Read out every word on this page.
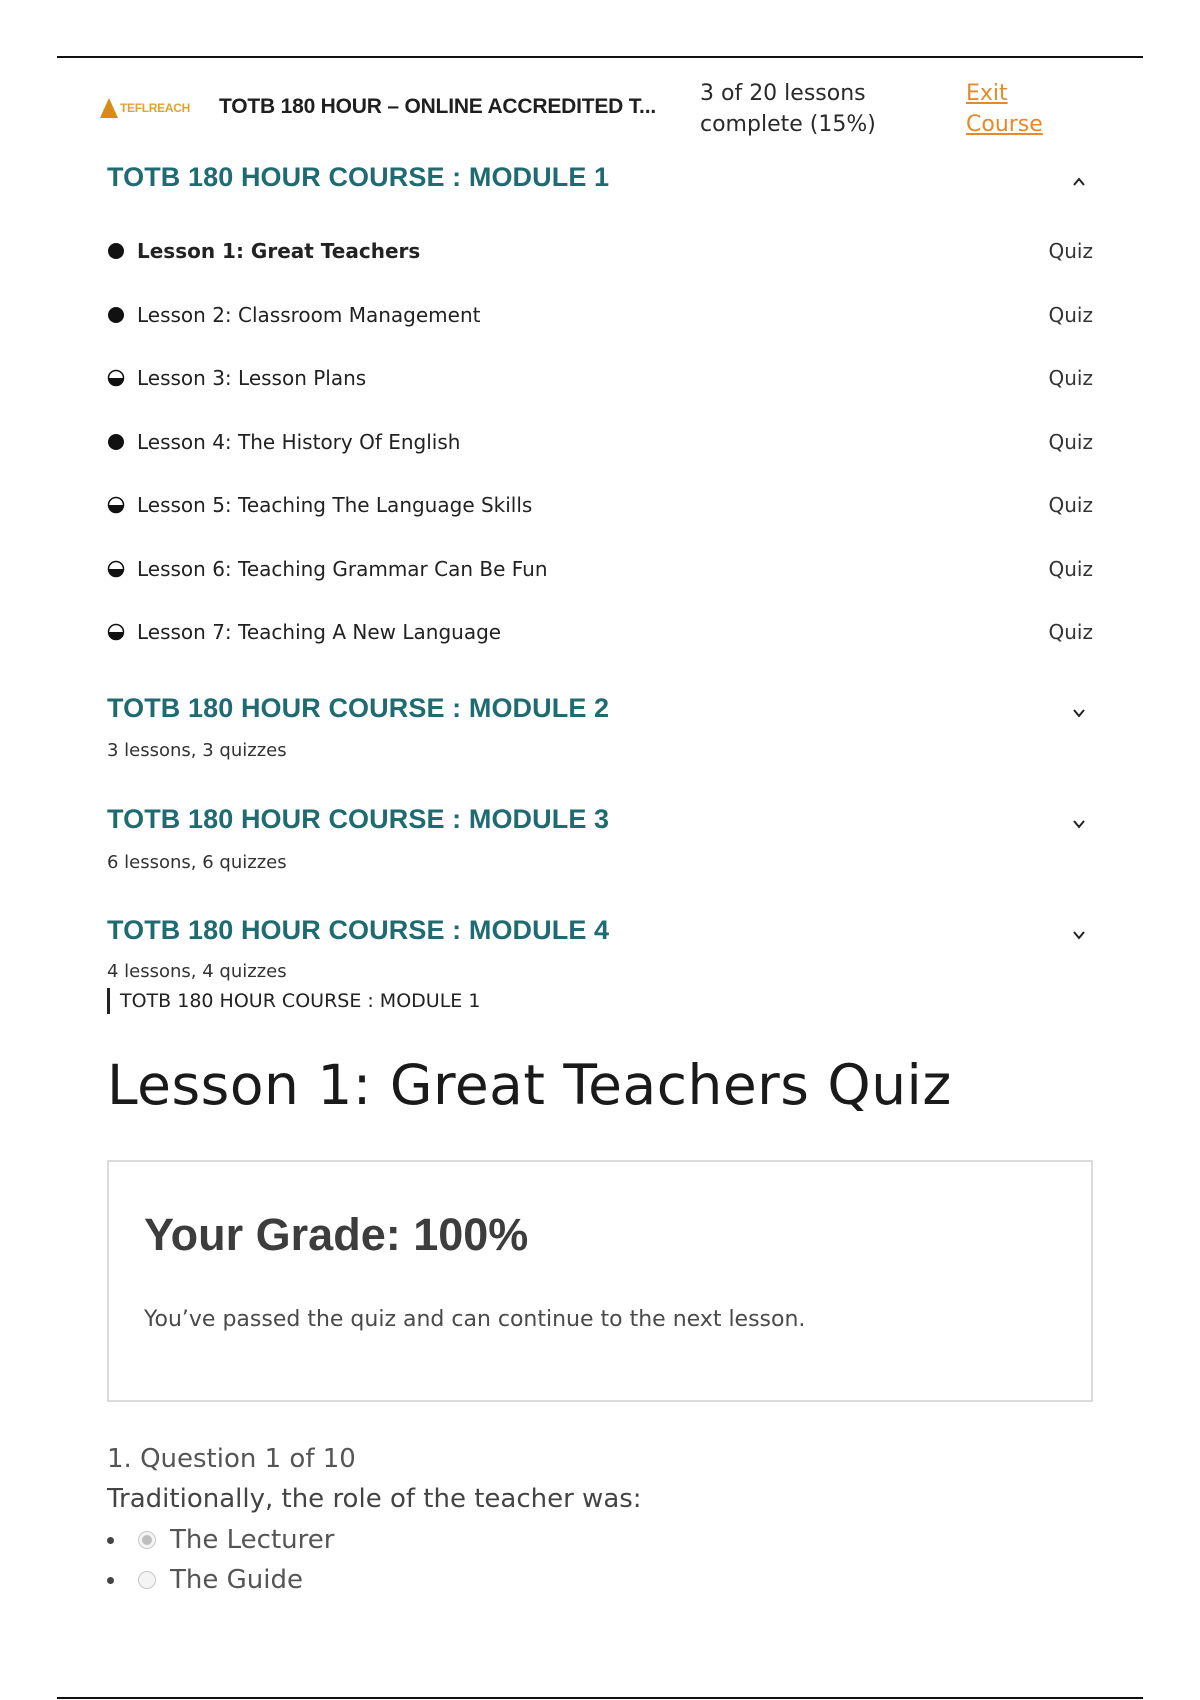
TEFLREACH TOTB 180 HOUR – ONLINE ACCREDITED T...
3 of 20 lessons
complete (15%)
Exit
Course
TOTB 180 HOUR COURSE : MODULE 1
Lesson 1: Great Teachers	Quiz
Lesson 2: Classroom Management	Quiz
Lesson 3: Lesson Plans	Quiz
Lesson 4: The History Of English	Quiz
Lesson 5: Teaching The Language Skills	Quiz
Lesson 6: Teaching Grammar Can Be Fun	Quiz
Lesson 7: Teaching A New Language	Quiz
TOTB 180 HOUR COURSE : MODULE 2
3 lessons, 3 quizzes
TOTB 180 HOUR COURSE : MODULE 3
6 lessons, 6 quizzes
TOTB 180 HOUR COURSE : MODULE 4
4 lessons, 4 quizzes
TOTB 180 HOUR COURSE : MODULE 1
Lesson 1: Great Teachers Quiz
Your Grade: 100%
You’ve passed the quiz and can continue to the next lesson.
1. Question 1 of 10
Traditionally, the role of the teacher was:
The Lecturer
The Guide
